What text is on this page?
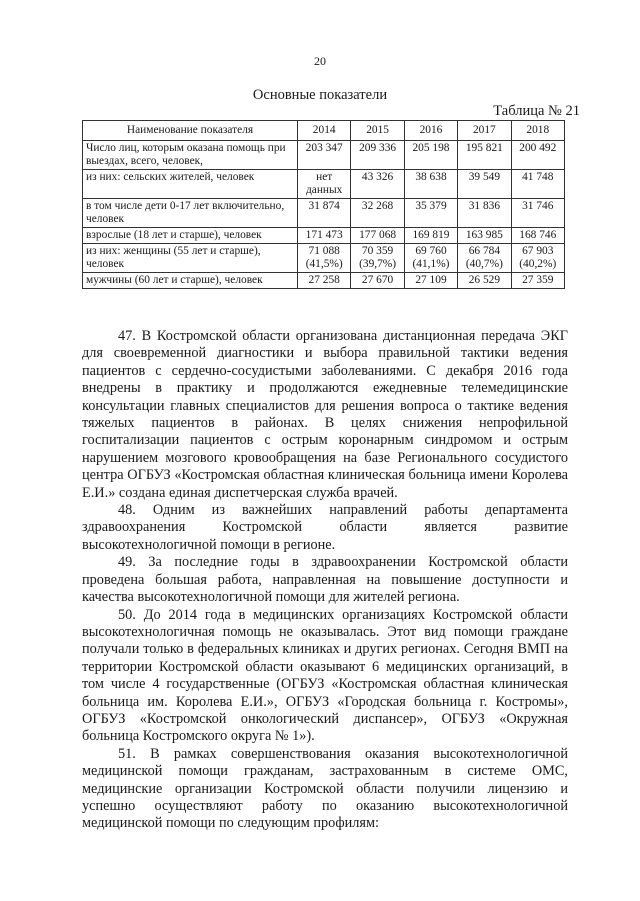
20
Основные показатели
Таблица № 21
Наименование показателя	2014	2015	2016	2017	2018
Число лиц, которым оказана помощь при выездах, всего, человек,	203 347	209 336	205 198	195 821	200 492
из них: сельских жителей, человек	нет данных	43 326	38 638	39 549	41 748
в том числе дети 0-17 лет включительно, человек	31 874	32 268	35 379	31 836	31 746
взрослые (18 лет и старше), человек	171 473	177 068	169 819	163 985	168 746
из них: женщины (55 лет и старше), человек	71 088 (41,5%)	70 359 (39,7%)	69 760 (41,1%)	66 784 (40,7%)	67 903 (40,2%)
мужчины (60 лет и старше), человек	27 258	27 670	27 109	26 529	27 359

47. В Костромской области организована дистанционная передача ЭКГ для своевременной диагностики и выбора правильной тактики ведения пациентов с сердечно-сосудистыми заболеваниями. С декабря 2016 года внедрены в практику и продолжаются ежедневные телемедицинские консультации главных специалистов для решения вопроса о тактике ведения тяжелых пациентов в районах. В целях снижения непрофильной госпитализации пациентов с острым коронарным синдромом и острым нарушением мозгового кровообращения на базе Регионального сосудистого центра ОГБУЗ «Костромская областная клиническая больница имени Королева Е.И.» создана единая диспетчерская служба врачей.

48. Одним из важнейших направлений работы департамента здравоохранения Костромской области является развитие высокотехнологичной помощи в регионе.

49. За последние годы в здравоохранении Костромской области проведена большая работа, направленная на повышение доступности и качества высокотехнологичной помощи для жителей региона.

50. До 2014 года в медицинских организациях Костромской области высокотехнологичная помощь не оказывалась. Этот вид помощи граждане получали только в федеральных клиниках и других регионах. Сегодня ВМП на территории Костромской области оказывают 6 медицинских организаций, в том числе 4 государственные (ОГБУЗ «Костромская областная клиническая больница им. Королева Е.И.», ОГБУЗ «Городская больница г. Костромы», ОГБУЗ «Костромской онкологический диспансер», ОГБУЗ «Окружная больница Костромского округа № 1»).

51. В рамках совершенствования оказания высокотехнологичной медицинской помощи гражданам, застрахованным в системе ОМС, медицинские организации Костромской области получили лицензию и успешно осуществляют работу по оказанию высокотехнологичной медицинской помощи по следующим профилям:
